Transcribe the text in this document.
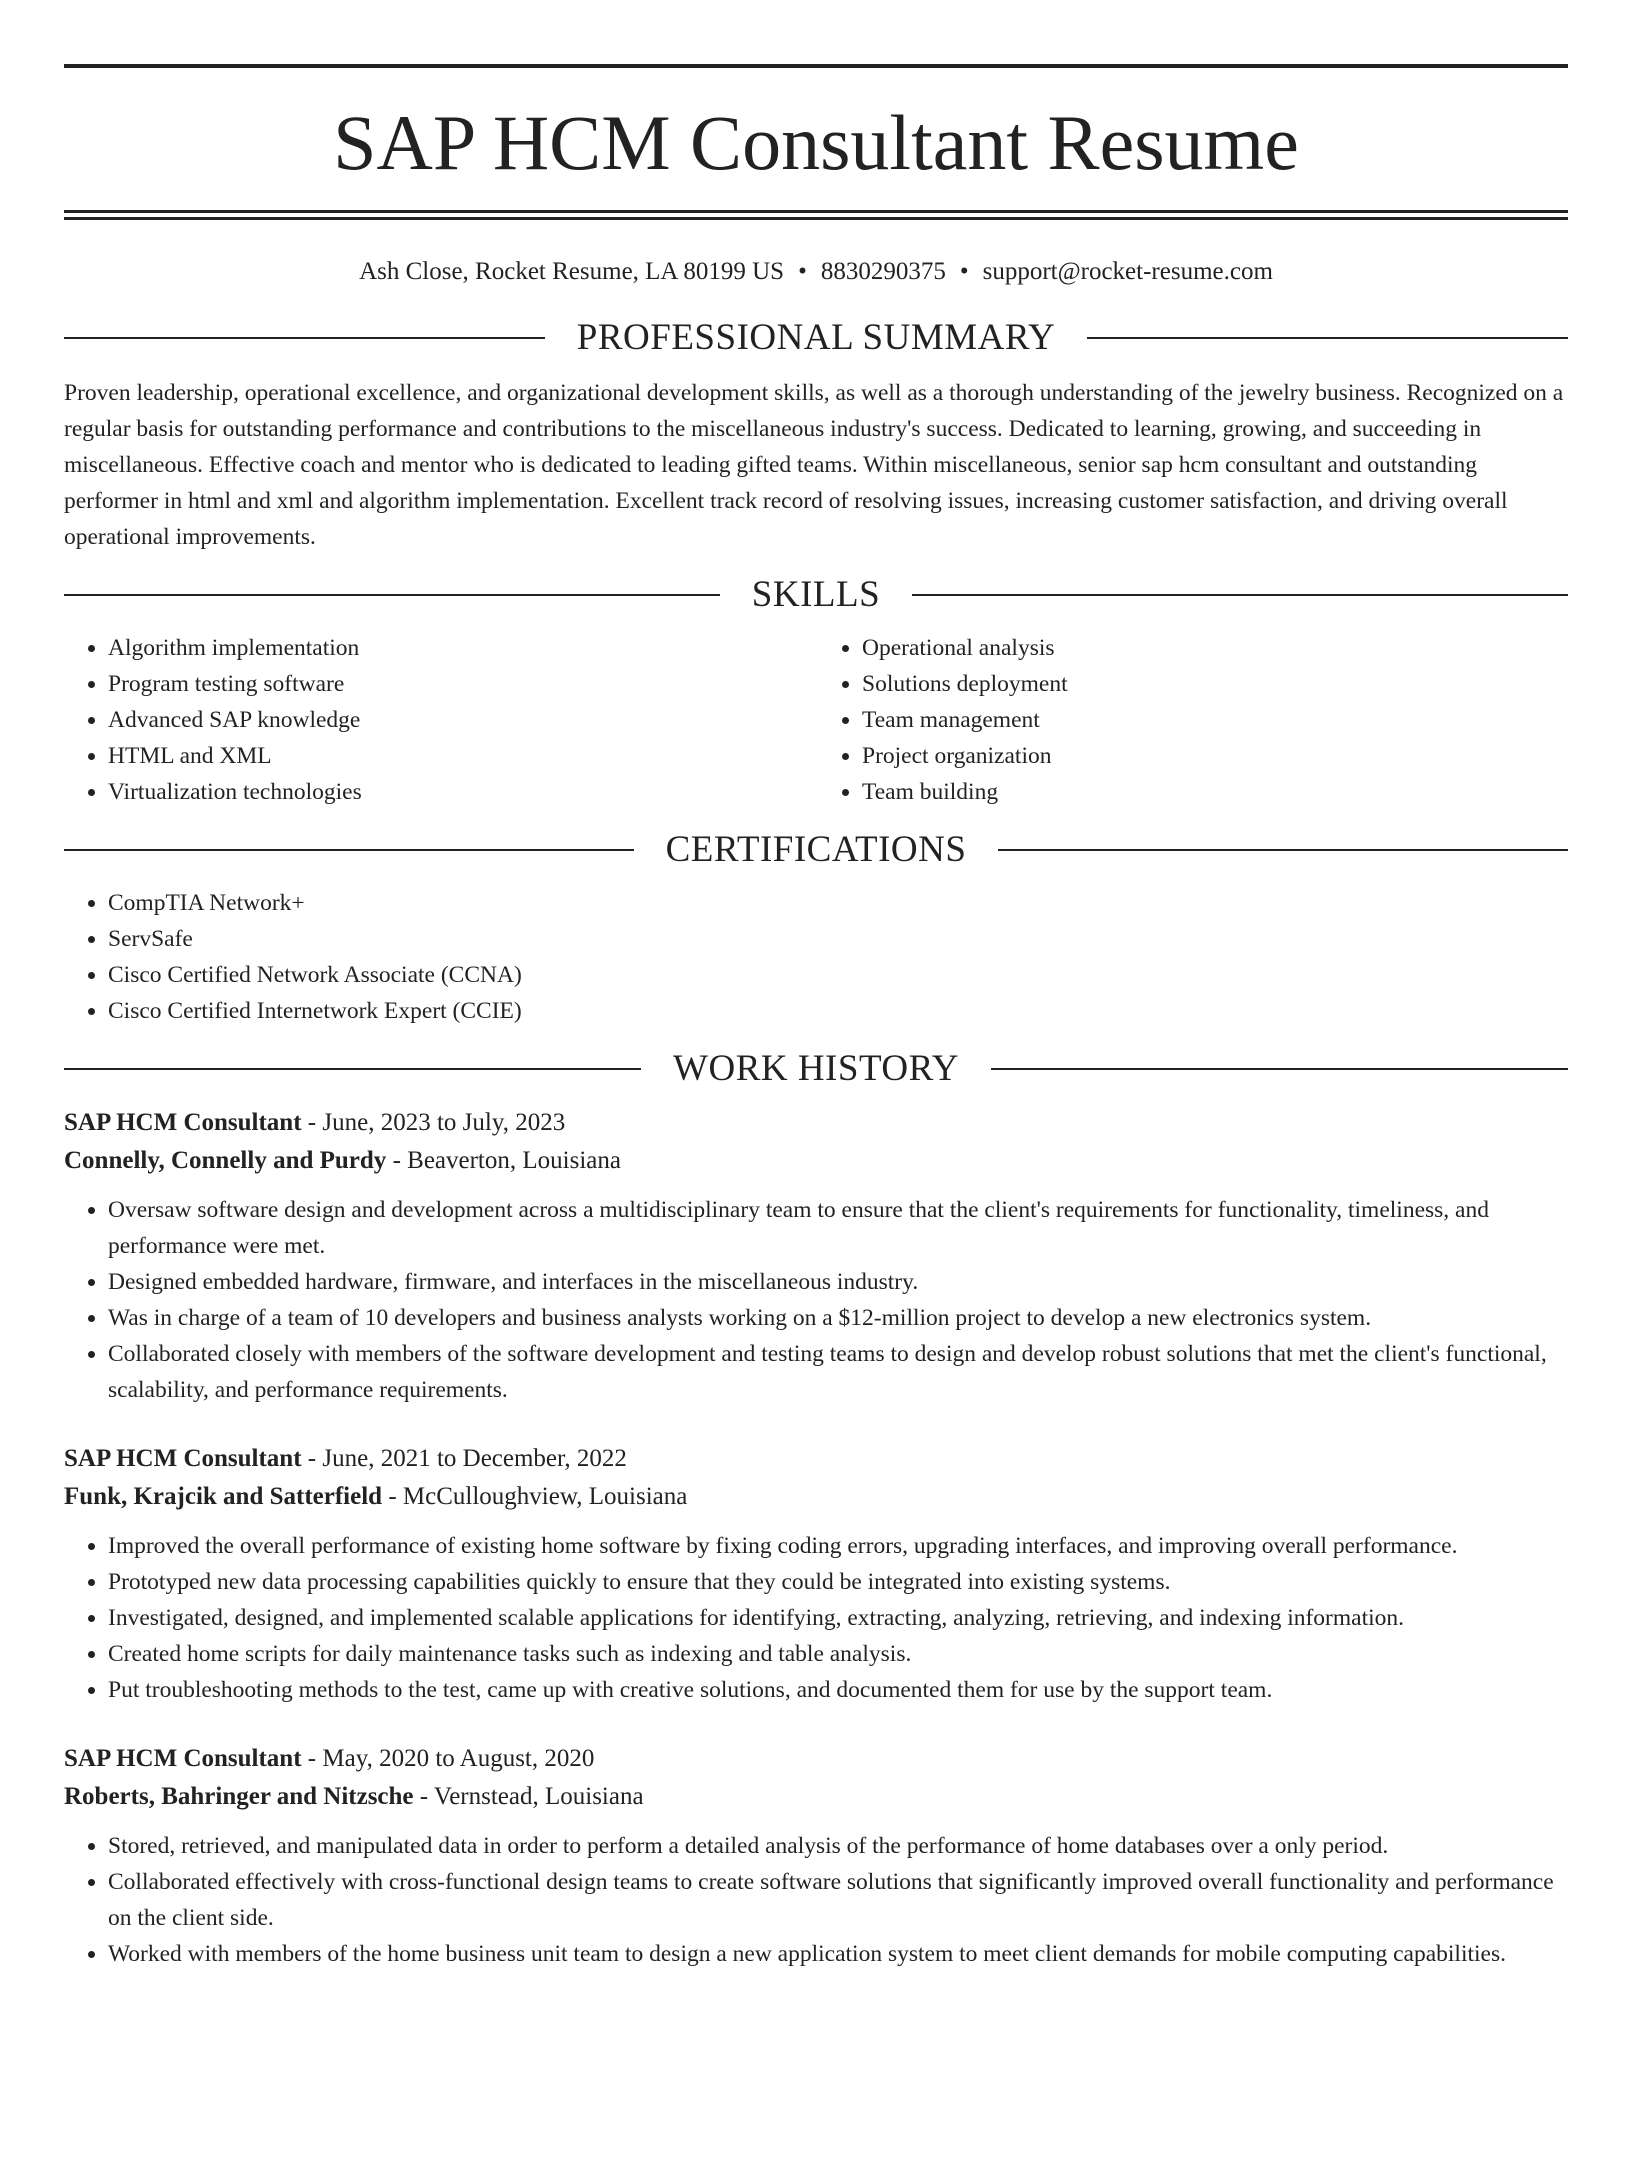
SAP HCM Consultant Resume
Ash Close, Rocket Resume, LA 80199 US • 8830290375 • support@rocket-resume.com
PROFESSIONAL SUMMARY

Proven leadership, operational excellence, and organizational development skills, as well as a thorough understanding of the jewelry business. Recognized on a regular basis for outstanding performance and contributions to the miscellaneous industry's success. Dedicated to learning, growing, and succeeding in miscellaneous. Effective coach and mentor who is dedicated to leading gifted teams. Within miscellaneous, senior sap hcm consultant and outstanding performer in html and xml and algorithm implementation. Excellent track record of resolving issues, increasing customer satisfaction, and driving overall operational improvements.

SKILLS
• Algorithm implementation
• Program testing software
• Advanced SAP knowledge
• HTML and XML
• Virtualization technologies
• Operational analysis
• Solutions deployment
• Team management
• Project organization
• Team building
CERTIFICATIONS
• CompTIA Network+
• ServSafe
• Cisco Certified Network Associate (CCNA)
• Cisco Certified Internetwork Expert (CCIE)
WORK HISTORY
SAP HCM Consultant - June, 2023 to July, 2023
Connelly, Connelly and Purdy - Beaverton, Louisiana
• Oversaw software design and development across a multidisciplinary team to ensure that the client's requirements for functionality, timeliness, and performance were met.
• Designed embedded hardware, firmware, and interfaces in the miscellaneous industry.
• Was in charge of a team of 10 developers and business analysts working on a $12-million project to develop a new electronics system.
• Collaborated closely with members of the software development and testing teams to design and develop robust solutions that met the client's functional, scalability, and performance requirements.
SAP HCM Consultant - June, 2021 to December, 2022
Funk, Krajcik and Satterfield - McCulloughview, Louisiana
• Improved the overall performance of existing home software by fixing coding errors, upgrading interfaces, and improving overall performance.
• Prototyped new data processing capabilities quickly to ensure that they could be integrated into existing systems.
• Investigated, designed, and implemented scalable applications for identifying, extracting, analyzing, retrieving, and indexing information.
• Created home scripts for daily maintenance tasks such as indexing and table analysis.
• Put troubleshooting methods to the test, came up with creative solutions, and documented them for use by the support team.
SAP HCM Consultant - May, 2020 to August, 2020
Roberts, Bahringer and Nitzsche - Vernstead, Louisiana
• Stored, retrieved, and manipulated data in order to perform a detailed analysis of the performance of home databases over a only period.
• Collaborated effectively with cross-functional design teams to create software solutions that significantly improved overall functionality and performance on the client side.
• Worked with members of the home business unit team to design a new application system to meet client demands for mobile computing capabilities.
